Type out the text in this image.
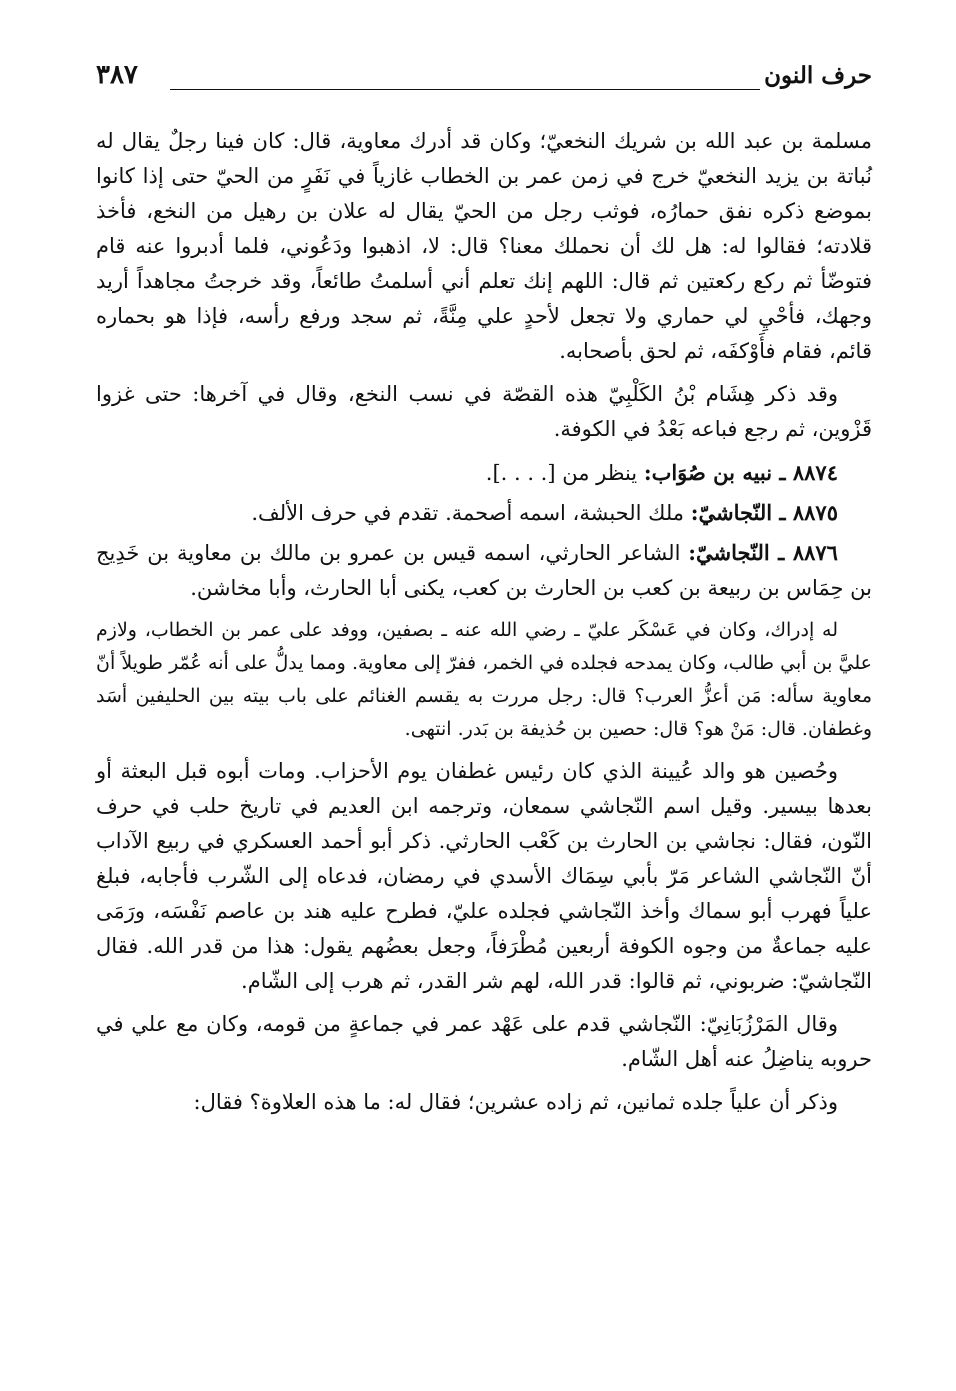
حرف النون
٣٨٧

مسلمة بن عبد الله بن شريك النخعيّ؛ وكان قد أدرك معاوية، قال: كان فينا رجلٌ يقال له نُباتة بن يزيد النخعيّ خرج في زمن عمر بن الخطاب غازياً في نَفَرٍ من الحيّ حتى إذا كانوا بموضع ذكره نفق حمارُه، فوثب رجل من الحيّ يقال له علان بن رهيل من النخع، فأخذ قلادته؛ فقالوا له: هل لك أن نحملك معنا؟ قال: لا، اذهبوا ودَعُوني، فلما أدبروا عنه قام فتوضّأ ثم ركع ركعتين ثم قال: اللهم إنك تعلم أني أسلمتُ طائعاً، وقد خرجتُ مجاهداً أريد وجهك، فأحْيِ لي حماري ولا تجعل لأحدٍ علي مِنَّةً، ثم سجد ورفع رأسه، فإذا هو بحماره قائم، فقام فأَوْكفَه، ثم لحق بأصحابه.

وقد ذكر هِشَام بْنُ الكَلْبِيّ هذه القصّة في نسب النخع، وقال في آخرها: حتى غزوا قَزْوين، ثم رجع فباعه بَعْدُ في الكوفة.

٨٨٧٤ ـ نبيه بن صُوَاب: ينظر من [. . . .].

٨٨٧٥ ـ النّجاشيّ: ملك الحبشة، اسمه أصحمة. تقدم في حرف الألف.

٨٨٧٦ ـ النّجاشيّ: الشاعر الحارثي، اسمه قيس بن عمرو بن مالك بن معاوية بن خَدِيج بن حِمَاس بن ربيعة بن كعب بن الحارث بن كعب، يكنى أبا الحارث، وأبا مخاشن.

له إدراك، وكان في عَسْكَر عليّ ـ رضي الله عنه ـ بصفين، ووفد على عمر بن الخطاب، ولازم عليَّ بن أبي طالب، وكان يمدحه فجلده في الخمر، ففرّ إلى معاوية. ومما يدلُّ على أنه عُمّر طويلاً أنّ معاوية سأله: مَن أعزُّ العرب؟ قال: رجل مررت به يقسم الغنائم على باب بيته بين الحليفين أسَد وغطفان. قال: مَنْ هو؟ قال: حصين بن حُذيفة بن بَدر. انتهى.

وحُصين هو والد عُيينة الذي كان رئيس غطفان يوم الأحزاب. ومات أبوه قبل البعثة أو بعدها بيسير. وقيل اسم النّجاشي سمعان، وترجمه ابن العديم في تاريخ حلب في حرف النّون، فقال: نجاشي بن الحارث بن كَعْب الحارثي. ذكر أبو أحمد العسكري في ربيع الآداب أنّ النّجاشي الشاعر مَرّ بأبي سِمَاك الأسدي في رمضان، فدعاه إلى الشّرب فأجابه، فبلغ علياً فهرب أبو سماك وأخذ النّجاشي فجلده عليّ، فطرح عليه هند بن عاصم نَفْسَه، ورَمَى عليه جماعةٌ من وجوه الكوفة أربعين مُطْرَفاً، وجعل بعضُهم يقول: هذا من قدر الله. فقال النّجاشيّ: ضربوني، ثم قالوا: قدر الله، لهم شر القدر، ثم هرب إلى الشّام.

وقال المَرْزُبَانِيّ: النّجاشي قدم على عَهْد عمر في جماعةٍ من قومه، وكان مع علي في حروبه يناضِلُ عنه أهل الشّام.

وذكر أن علياً جلده ثمانين، ثم زاده عشرين؛ فقال له: ما هذه العلاوة؟ فقال:
